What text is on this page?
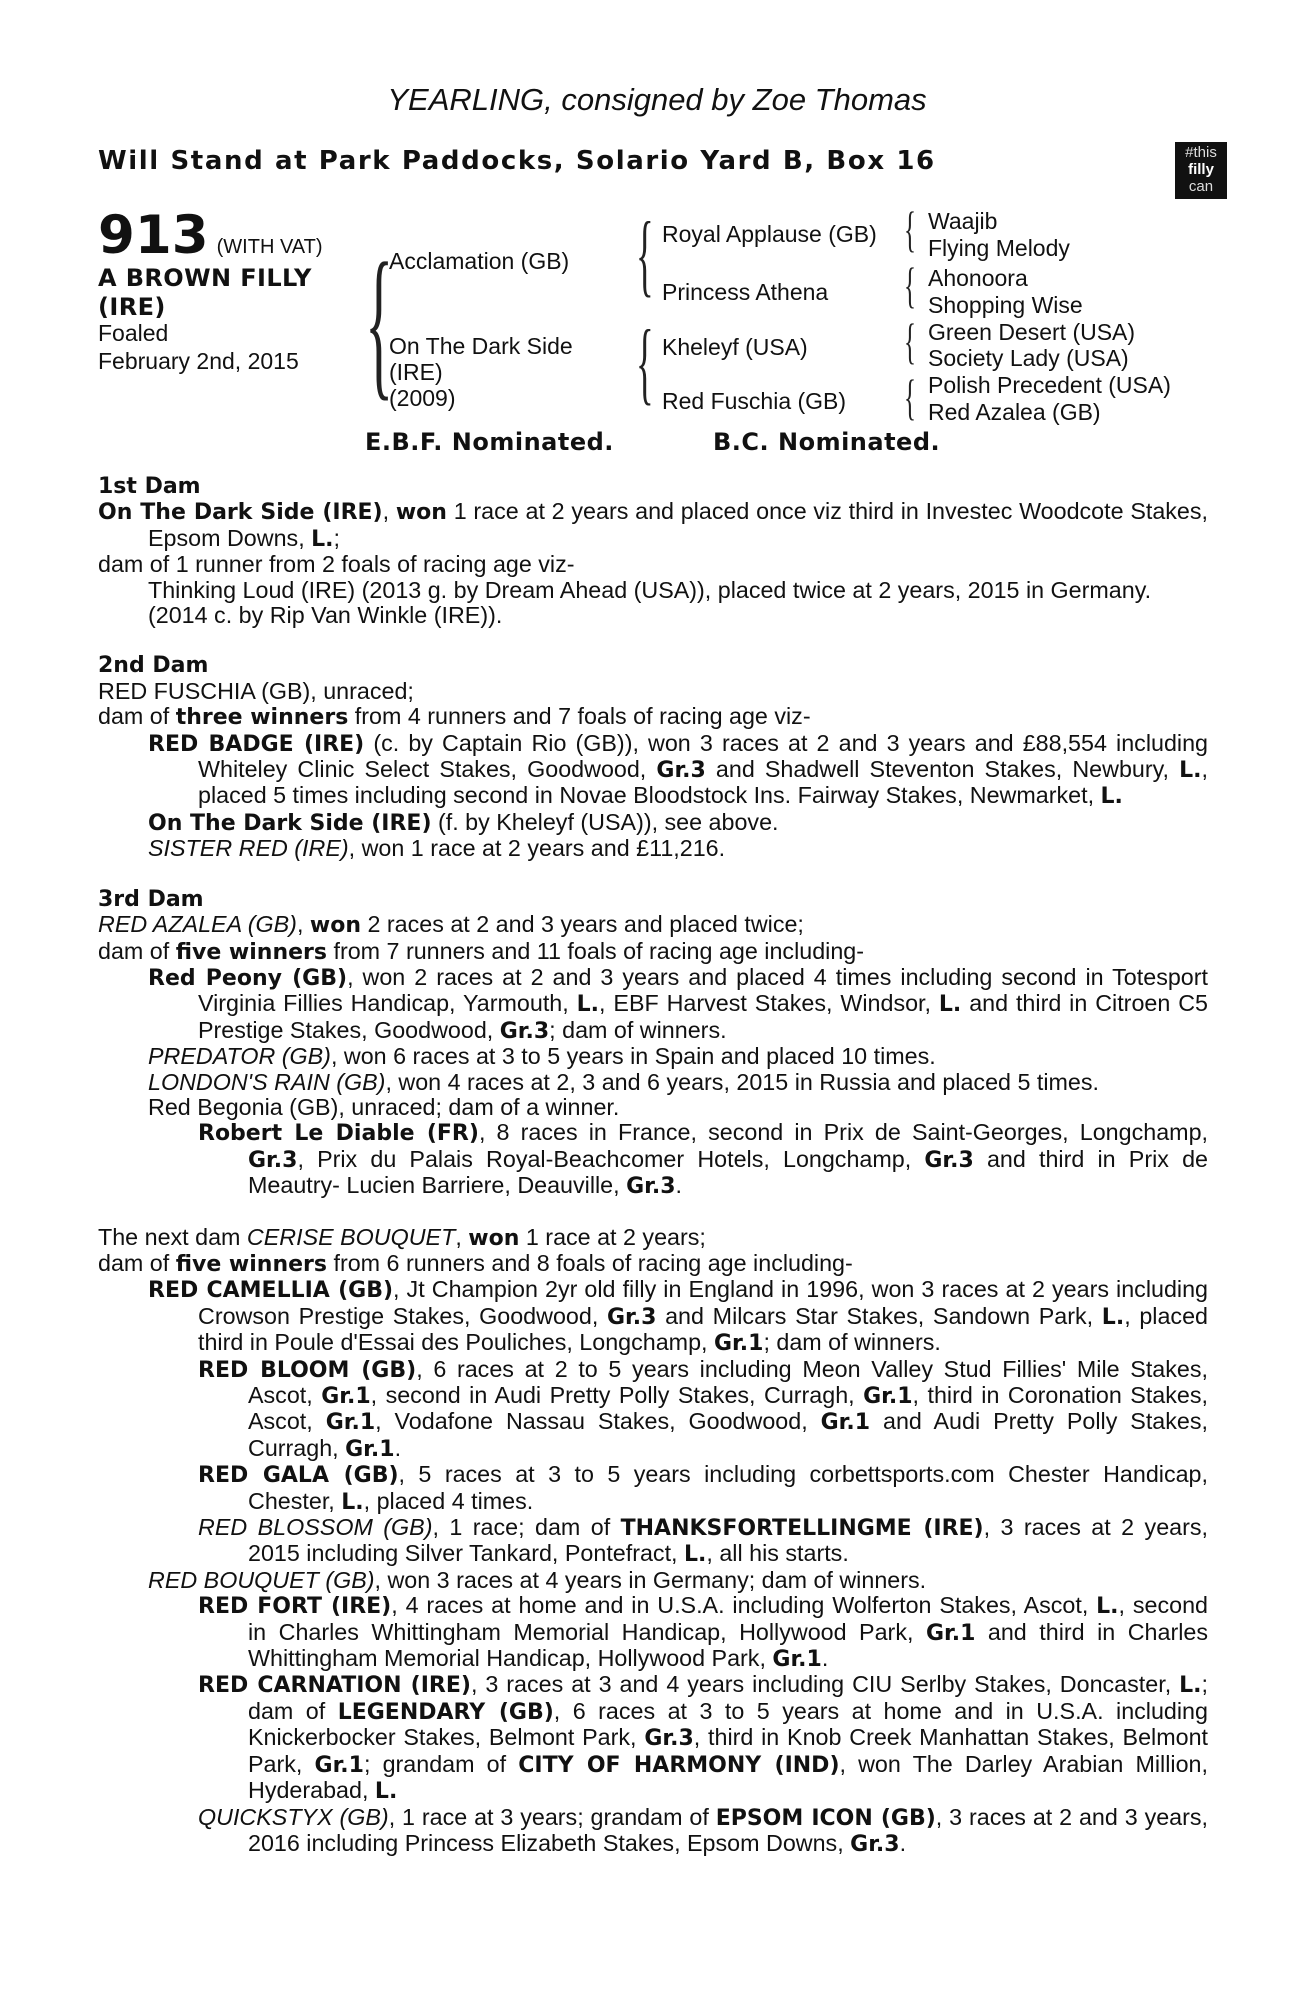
YEARLING, consigned by Zoe Thomas
Will Stand at Park Paddocks, Solario Yard B, Box 16	#this
filly
can
913 (WITH VAT)
A BROWN FILLY
(IRE)
Foaled
February 2nd, 2015 {
Acclamation (GB)
On The Dark Side
(IRE)
(2009)
{ Royal Applause (GB)
Princess Athena
{ Kheleyf (USA)
Red Fuschia (GB)
{ Waajib
Flying Melody
{ Ahonoora
Shopping Wise
{ Green Desert (USA)
Society Lady (USA)
{ Polish Precedent (USA)
Red Azalea (GB)
E.B.F. Nominated.	B.C. Nominated.

1st Dam

On The Dark Side (IRE), won 1 race at 2 years and placed once viz third in Investec Woodcote Stakes, Epsom Downs, L.;

dam of 1 runner from 2 foals of racing age viz-

Thinking Loud (IRE) (2013 g. by Dream Ahead (USA)), placed twice at 2 years, 2015 in Germany.

(2014 c. by Rip Van Winkle (IRE)).

2nd Dam

RED FUSCHIA (GB), unraced;

dam of three winners from 4 runners and 7 foals of racing age viz-

RED BADGE (IRE) (c. by Captain Rio (GB)), won 3 races at 2 and 3 years and £88,554 including Whiteley Clinic Select Stakes, Goodwood, Gr.3 and Shadwell Steventon Stakes, Newbury, L., placed 5 times including second in Novae Bloodstock Ins. Fairway Stakes, Newmarket, L.

On The Dark Side (IRE) (f. by Kheleyf (USA)), see above.

SISTER RED (IRE), won 1 race at 2 years and £11,216.

3rd Dam

RED AZALEA (GB), won 2 races at 2 and 3 years and placed twice;

dam of five winners from 7 runners and 11 foals of racing age including-

Red Peony (GB), won 2 races at 2 and 3 years and placed 4 times including second in Totesport Virginia Fillies Handicap, Yarmouth, L., EBF Harvest Stakes, Windsor, L. and third in Citroen C5 Prestige Stakes, Goodwood, Gr.3; dam of winners.

PREDATOR (GB), won 6 races at 3 to 5 years in Spain and placed 10 times.

LONDON'S RAIN (GB), won 4 races at 2, 3 and 6 years, 2015 in Russia and placed 5 times.

Red Begonia (GB), unraced; dam of a winner.

Robert Le Diable (FR), 8 races in France, second in Prix de Saint-Georges, Longchamp, Gr.3, Prix du Palais Royal-Beachcomer Hotels, Longchamp, Gr.3 and third in Prix de Meautry- Lucien Barriere, Deauville, Gr.3.

The next dam CERISE BOUQUET, won 1 race at 2 years;

dam of five winners from 6 runners and 8 foals of racing age including-

RED CAMELLIA (GB), Jt Champion 2yr old filly in England in 1996, won 3 races at 2 years including Crowson Prestige Stakes, Goodwood, Gr.3 and Milcars Star Stakes, Sandown Park, L., placed third in Poule d'Essai des Pouliches, Longchamp, Gr.1; dam of winners.

RED BLOOM (GB), 6 races at 2 to 5 years including Meon Valley Stud Fillies' Mile Stakes, Ascot, Gr.1, second in Audi Pretty Polly Stakes, Curragh, Gr.1, third in Coronation Stakes, Ascot, Gr.1, Vodafone Nassau Stakes, Goodwood, Gr.1 and Audi Pretty Polly Stakes, Curragh, Gr.1.

RED GALA (GB), 5 races at 3 to 5 years including corbettsports.com Chester Handicap, Chester, L., placed 4 times.

RED BLOSSOM (GB), 1 race; dam of THANKSFORTELLINGME (IRE), 3 races at 2 years, 2015 including Silver Tankard, Pontefract, L., all his starts.

RED BOUQUET (GB), won 3 races at 4 years in Germany; dam of winners.

RED FORT (IRE), 4 races at home and in U.S.A. including Wolferton Stakes, Ascot, L., second in Charles Whittingham Memorial Handicap, Hollywood Park, Gr.1 and third in Charles Whittingham Memorial Handicap, Hollywood Park, Gr.1.

RED CARNATION (IRE), 3 races at 3 and 4 years including CIU Serlby Stakes, Doncaster, L.; dam of LEGENDARY (GB), 6 races at 3 to 5 years at home and in U.S.A. including Knickerbocker Stakes, Belmont Park, Gr.3, third in Knob Creek Manhattan Stakes, Belmont Park, Gr.1; grandam of CITY OF HARMONY (IND), won The Darley Arabian Million, Hyderabad, L.

QUICKSTYX (GB), 1 race at 3 years; grandam of EPSOM ICON (GB), 3 races at 2 and 3 years, 2016 including Princess Elizabeth Stakes, Epsom Downs, Gr.3.
